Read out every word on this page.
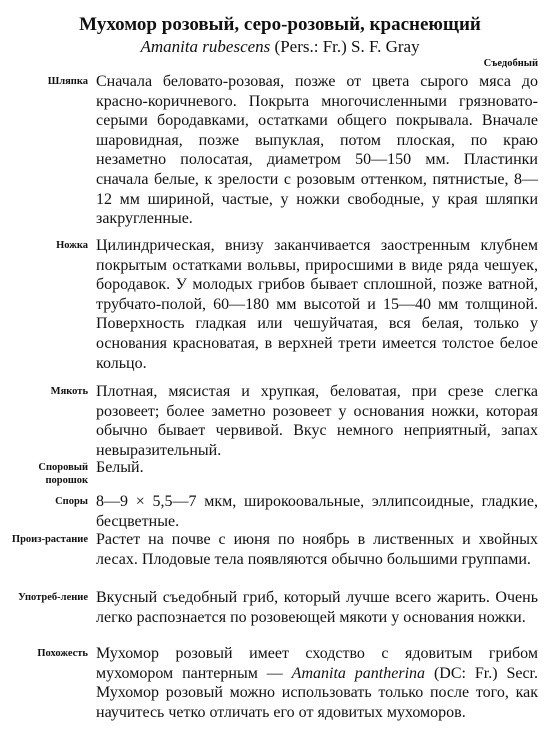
Мухомор розовый, серо-розовый, краснеющий
Amanita rubescens (Pers.: Fr.) S. F. Gray
Съедобный
Шляпка Сначала беловато-розовая, позже от цвета сырого мяса до красно-коричневого. Покрыта многочисленными грязновато-серыми бородавками, остатками общего покрывала. Вначале шаровидная, позже выпуклая, потом плоская, по краю незаметно полосатая, диаметром 50—150 мм. Пластинки сначала белые, к зрелости с розовым оттенком, пятнистые, 8—12 мм шириной, частые, у ножки свободные, у края шляпки закругленные.
Ножка Цилиндрическая, внизу заканчивается заостренным клубнем покрытым остатками вольвы, приросшими в виде ряда чешуек, бородавок. У молодых грибов бывает сплошной, позже ватной, трубчато-полой, 60—180 мм высотой и 15—40 мм толщиной. Поверхность гладкая или чешуйчатая, вся белая, только у основания красноватая, в верхней трети имеется толстое белое кольцо.
Мякоть Плотная, мясистая и хрупкая, беловатая, при срезе слегка розовеет; более заметно розовеет у основания ножки, которая обычно бывает червивой. Вкус немного неприятный, запах невыразительный.
Споровый порошок
Белый.
Споры 8—9 × 5,5—7 мкм, широкоовальные, эллипсоидные, гладкие, бесцветные.
Произ-растание Растет на почве с июня по ноябрь в лиственных и хвойных лесах. Плодовые тела появляются обычно большими группами.
Употреб-ление Вкусный съедобный гриб, который лучше всего жарить. Очень легко распознается по розовеющей мякоти у основания ножки.
Похожесть Мухомор розовый имеет сходство с ядовитым грибом мухомором пантерным — Amanita pantherina (DC: Fr.) Secr. Мухомор розовый можно использовать только после того, как научитесь четко отличать его от ядовитых мухоморов.
